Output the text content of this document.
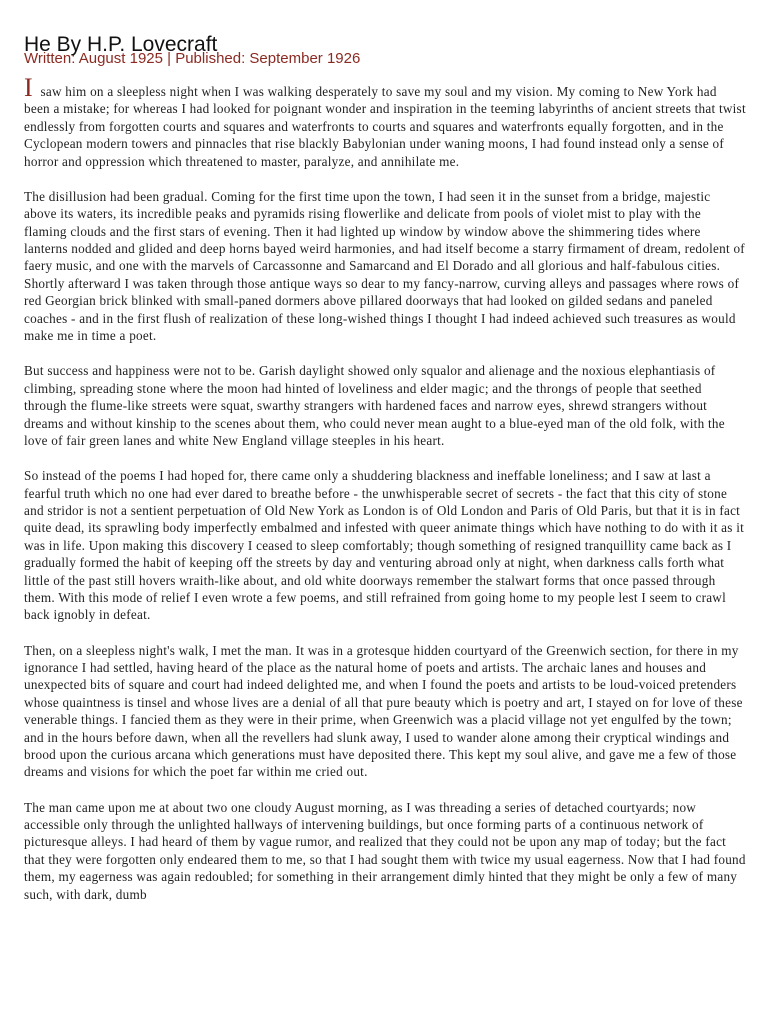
He By H.P. Lovecraft
Written: August 1925 | Published: September 1926

I saw him on a sleepless night when I was walking desperately to save my soul and my vision. My coming to New York had been a mistake; for whereas I had looked for poignant wonder and inspiration in the teeming labyrinths of ancient streets that twist endlessly from forgotten courts and squares and waterfronts to courts and squares and waterfronts equally forgotten, and in the Cyclopean modern towers and pinnacles that rise blackly Babylonian under waning moons, I had found instead only a sense of horror and oppression which threatened to master, paralyze, and annihilate me.

The disillusion had been gradual. Coming for the first time upon the town, I had seen it in the sunset from a bridge, majestic above its waters, its incredible peaks and pyramids rising flowerlike and delicate from pools of violet mist to play with the flaming clouds and the first stars of evening. Then it had lighted up window by window above the shimmering tides where lanterns nodded and glided and deep horns bayed weird harmonies, and had itself become a starry firmament of dream, redolent of faery music, and one with the marvels of Carcassonne and Samarcand and El Dorado and all glorious and half-fabulous cities. Shortly afterward I was taken through those antique ways so dear to my fancy-narrow, curving alleys and passages where rows of red Georgian brick blinked with small-paned dormers above pillared doorways that had looked on gilded sedans and paneled coaches - and in the first flush of realization of these long-wished things I thought I had indeed achieved such treasures as would make me in time a poet.

But success and happiness were not to be. Garish daylight showed only squalor and alienage and the noxious elephantiasis of climbing, spreading stone where the moon had hinted of loveliness and elder magic; and the throngs of people that seethed through the flume-like streets were squat, swarthy strangers with hardened faces and narrow eyes, shrewd strangers without dreams and without kinship to the scenes about them, who could never mean aught to a blue-eyed man of the old folk, with the love of fair green lanes and white New England village steeples in his heart.

So instead of the poems I had hoped for, there came only a shuddering blackness and ineffable loneliness; and I saw at last a fearful truth which no one had ever dared to breathe before - the unwhisperable secret of secrets - the fact that this city of stone and stridor is not a sentient perpetuation of Old New York as London is of Old London and Paris of Old Paris, but that it is in fact quite dead, its sprawling body imperfectly embalmed and infested with queer animate things which have nothing to do with it as it was in life. Upon making this discovery I ceased to sleep comfortably; though something of resigned tranquillity came back as I gradually formed the habit of keeping off the streets by day and venturing abroad only at night, when darkness calls forth what little of the past still hovers wraith-like about, and old white doorways remember the stalwart forms that once passed through them. With this mode of relief I even wrote a few poems, and still refrained from going home to my people lest I seem to crawl back ignobly in defeat.

Then, on a sleepless night's walk, I met the man. It was in a grotesque hidden courtyard of the Greenwich section, for there in my ignorance I had settled, having heard of the place as the natural home of poets and artists. The archaic lanes and houses and unexpected bits of square and court had indeed delighted me, and when I found the poets and artists to be loud-voiced pretenders whose quaintness is tinsel and whose lives are a denial of all that pure beauty which is poetry and art, I stayed on for love of these venerable things. I fancied them as they were in their prime, when Greenwich was a placid village not yet engulfed by the town; and in the hours before dawn, when all the revellers had slunk away, I used to wander alone among their cryptical windings and brood upon the curious arcana which generations must have deposited there. This kept my soul alive, and gave me a few of those dreams and visions for which the poet far within me cried out.

The man came upon me at about two one cloudy August morning, as I was threading a series of detached courtyards; now accessible only through the unlighted hallways of intervening buildings, but once forming parts of a continuous network of picturesque alleys. I had heard of them by vague rumor, and realized that they could not be upon any map of today; but the fact that they were forgotten only endeared them to me, so that I had sought them with twice my usual eagerness. Now that I had found them, my eagerness was again redoubled; for something in their arrangement dimly hinted that they might be only a few of many such, with dark, dumb
